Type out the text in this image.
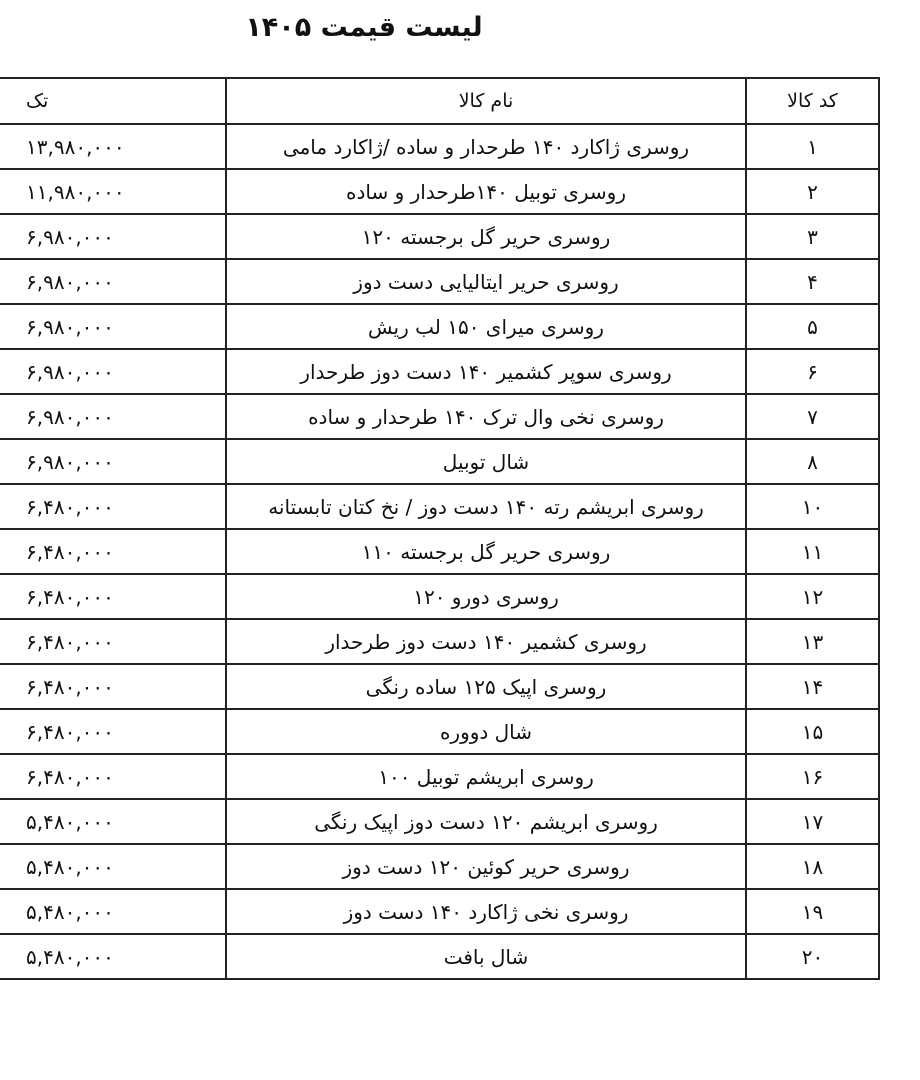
لیست قیمت ۱۴۰۵
کد کالا	نام کالا	تک
۱	روسری ژاکارد ۱۴۰ طرحدار و ساده /ژاکارد مامی	۱۳,۹۸۰,۰۰۰
۲	روسری توبیل ۱۴۰طرحدار و ساده	۱۱,۹۸۰,۰۰۰
۳	روسری حریر گل برجسته ۱۲۰	۶,۹۸۰,۰۰۰
۴	روسری حریر ایتالیایی دست دوز	۶,۹۸۰,۰۰۰
۵	روسری میرای ۱۵۰ لب ریش	۶,۹۸۰,۰۰۰
۶	روسری سوپر کشمیر ۱۴۰ دست دوز طرحدار	۶,۹۸۰,۰۰۰
۷	روسری نخی وال ترک ۱۴۰ طرحدار و ساده	۶,۹۸۰,۰۰۰
۸	شال توبیل	۶,۹۸۰,۰۰۰
۱۰	روسری ابریشم رته ۱۴۰ دست دوز / نخ کتان تابستانه	۶,۴۸۰,۰۰۰
۱۱	روسری حریر گل برجسته ۱۱۰	۶,۴۸۰,۰۰۰
۱۲	روسری دورو ۱۲۰	۶,۴۸۰,۰۰۰
۱۳	روسری کشمیر ۱۴۰ دست دوز طرحدار	۶,۴۸۰,۰۰۰
۱۴	روسری اپیک ۱۲۵ ساده رنگی	۶,۴۸۰,۰۰۰
۱۵	شال دووره	۶,۴۸۰,۰۰۰
۱۶	روسری ابریشم توبیل ۱۰۰	۶,۴۸۰,۰۰۰
۱۷	روسری ابریشم ۱۲۰ دست دوز اپیک رنگی	۵,۴۸۰,۰۰۰
۱۸	روسری حریر کوئین ۱۲۰ دست دوز	۵,۴۸۰,۰۰۰
۱۹	روسری نخی ژاکارد ۱۴۰ دست دوز	۵,۴۸۰,۰۰۰
۲۰	شال بافت	۵,۴۸۰,۰۰۰
